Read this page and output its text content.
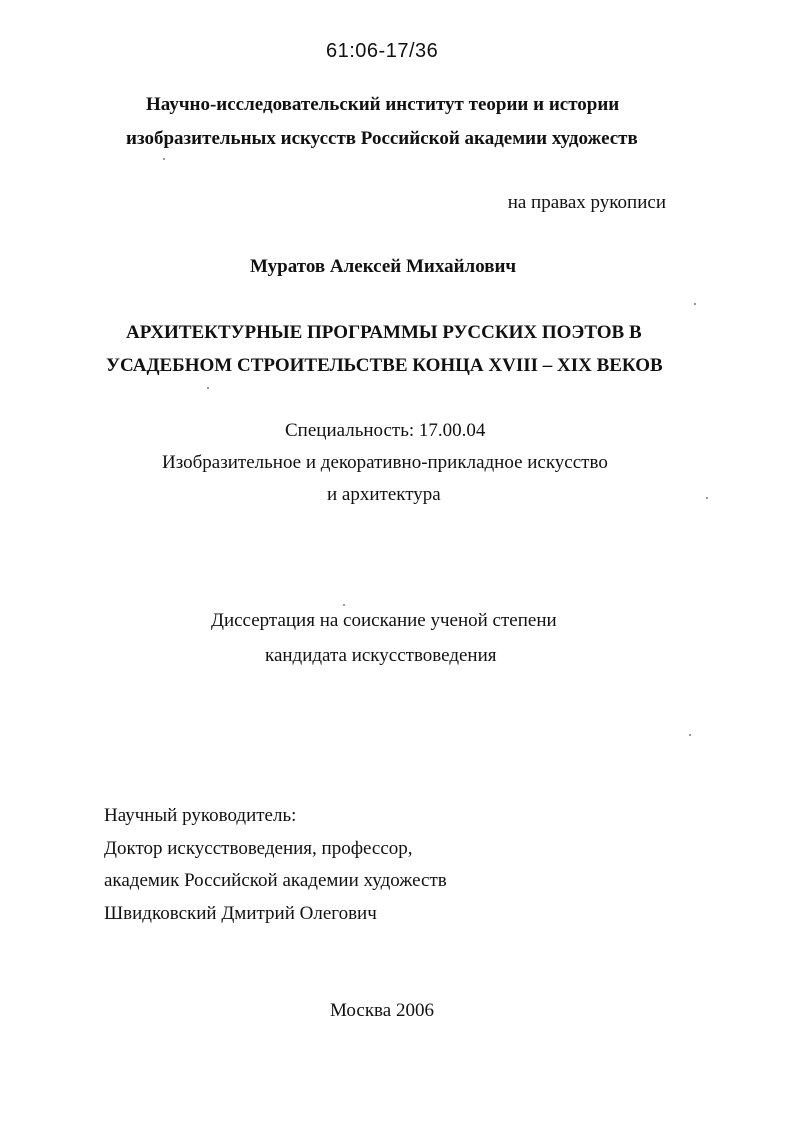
61:06-17/36
Научно-исследовательский институт теории и истории
изобразительных искусств Российской академии художеств
на правах рукописи
Муратов Алексей Михайлович
АРХИТЕКТУРНЫЕ ПРОГРАММЫ РУССКИХ ПОЭТОВ В
УСАДЕБНОМ СТРОИТЕЛЬСТВЕ КОНЦА XVIII – XIX ВЕКОВ
Специальность: 17.00.04
Изобразительное и декоративно-прикладное искусство
и архитектура
Диссертация на соискание ученой степени
кандидата искусствоведения
Научный руководитель:
Доктор искусствоведения, профессор,
академик Российской академии художеств
Швидковский Дмитрий Олегович
Москва 2006
